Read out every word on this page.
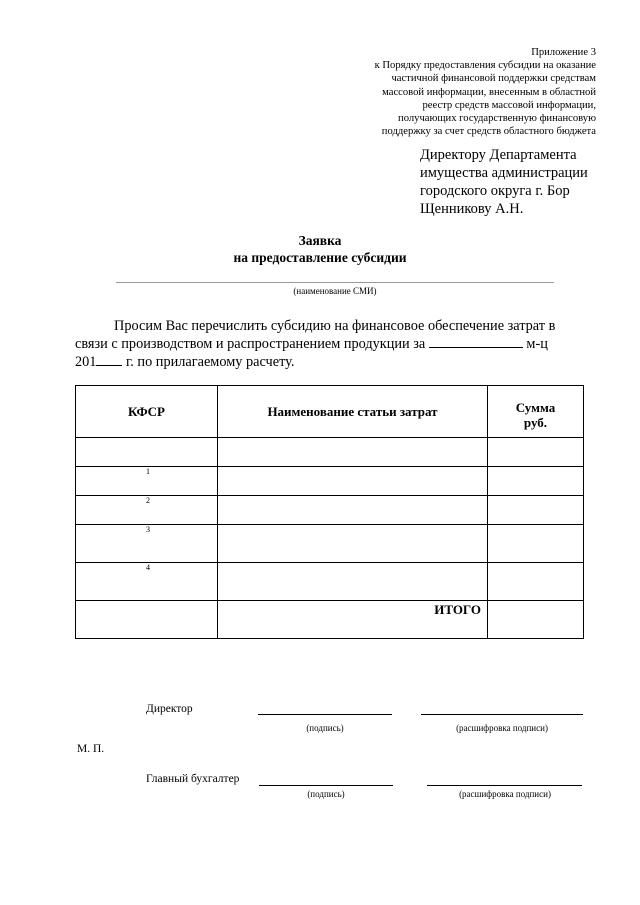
Приложение 3
к Порядку предоставления субсидии на оказание
частичной финансовой поддержки средствам
массовой информации, внесенным в областной
реестр средств массовой информации,
получающих государственную финансовую
поддержку за счет средств областного бюджета
Директору Департамента
имущества администрации
городского округа г. Бор
Щенникову А.Н.
Заявка
на предоставление субсидии
(наименование СМИ)
Просим Вас перечислить субсидию на финансовое обеспечение затрат в
связи с производством и распространением продукции за	м-ц
201 г. по прилагаемому расчету.
КФСР	Наименование статьи затрат	Сумма
руб.

1		
2		
3		
4		
	ИТОГО	
Директор
(подпись)	(расшифровка подписи)
М. П.
Главный бухгалтер
(подпись)	(расшифровка подписи)
